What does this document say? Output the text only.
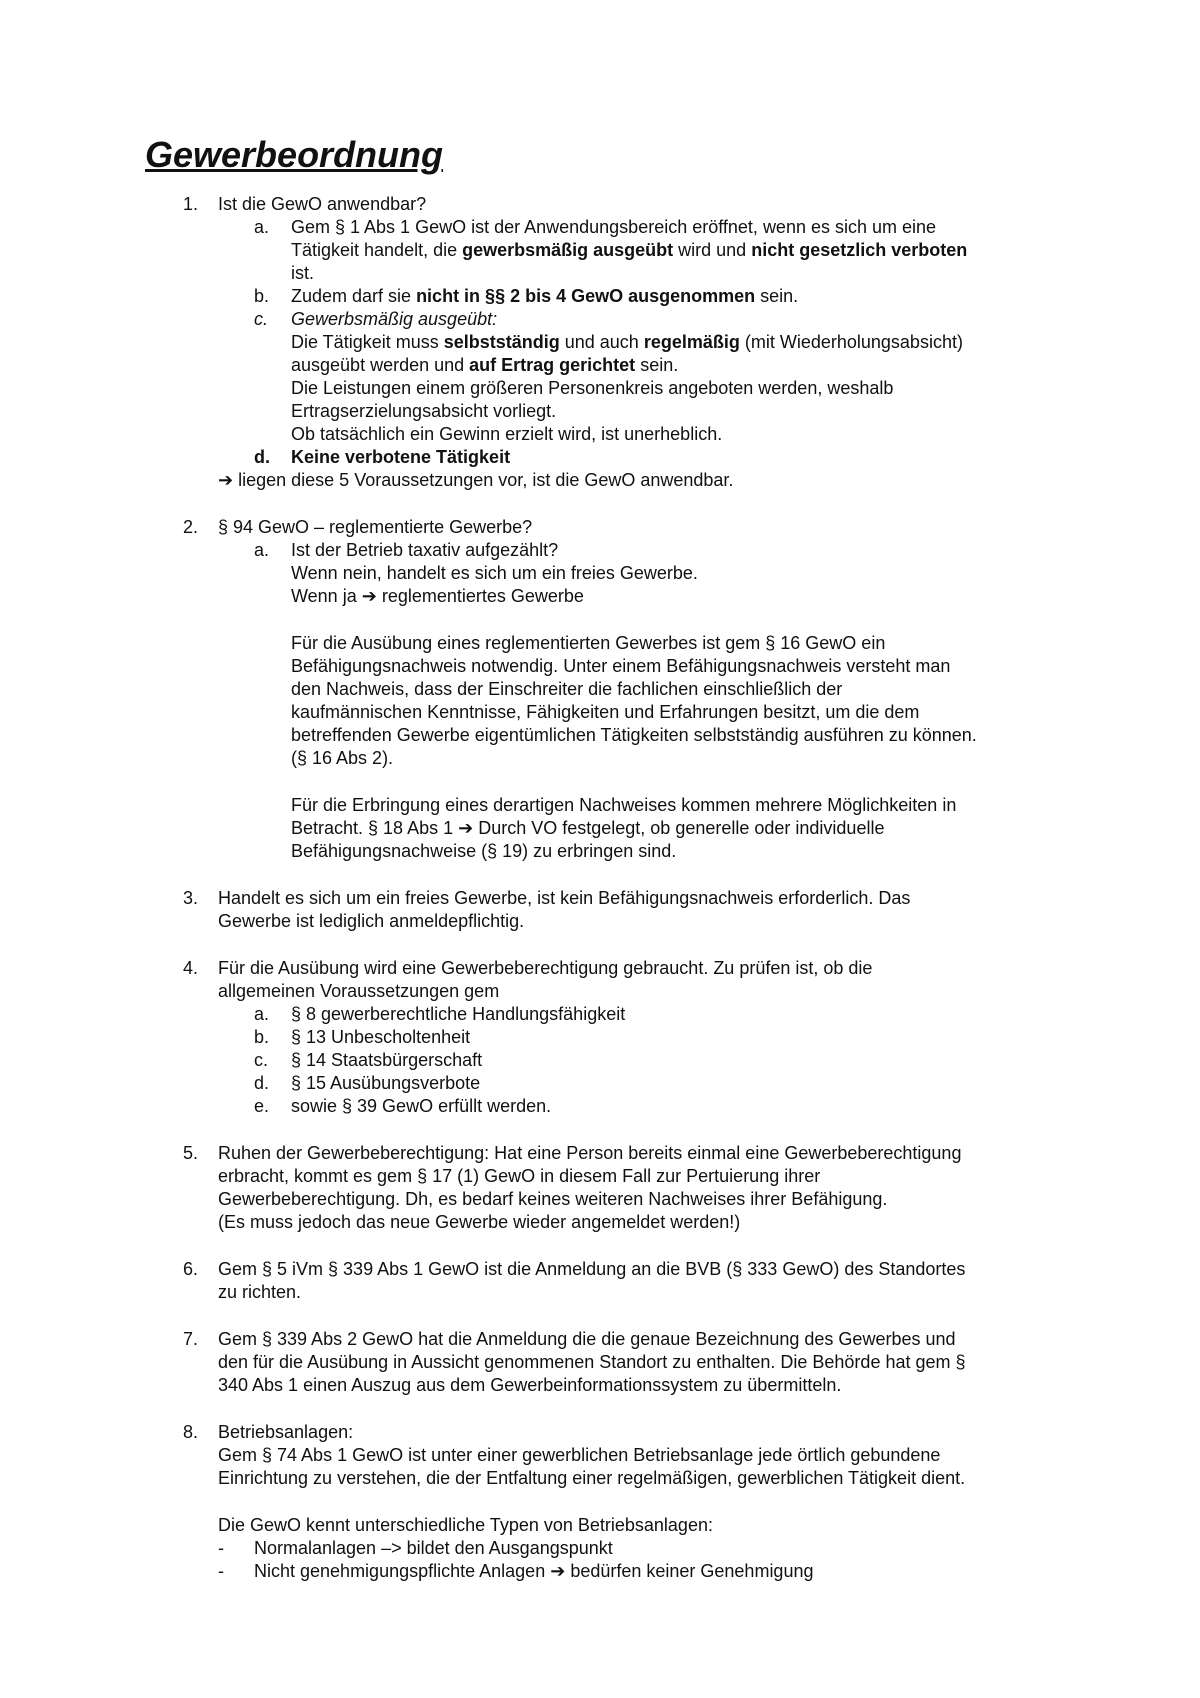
Gewerbeordnung
1. Ist die GewO anwendbar?
a. Gem § 1 Abs 1 GewO ist der Anwendungsbereich eröffnet, wenn es sich um eine
Tätigkeit handelt, die gewerbsmäßig ausgeübt wird und nicht gesetzlich verboten
ist.
b. Zudem darf sie nicht in §§ 2 bis 4 GewO ausgenommen sein.
c. Gewerbsmäßig ausgeübt:
Die Tätigkeit muss selbstständig und auch regelmäßig (mit Wiederholungsabsicht)
ausgeübt werden und auf Ertrag gerichtet sein.
Die Leistungen einem größeren Personenkreis angeboten werden, weshalb
Ertragserzielungsabsicht vorliegt.
Ob tatsächlich ein Gewinn erzielt wird, ist unerheblich.
d. Keine verbotene Tätigkeit
➔ liegen diese 5 Voraussetzungen vor, ist die GewO anwendbar.
2. § 94 GewO – reglementierte Gewerbe?
a. Ist der Betrieb taxativ aufgezählt?
Wenn nein, handelt es sich um ein freies Gewerbe.
Wenn ja ➔ reglementiertes Gewerbe
Für die Ausübung eines reglementierten Gewerbes ist gem § 16 GewO ein
Befähigungsnachweis notwendig. Unter einem Befähigungsnachweis versteht man
den Nachweis, dass der Einschreiter die fachlichen einschließlich der
kaufmännischen Kenntnisse, Fähigkeiten und Erfahrungen besitzt, um die dem
betreffenden Gewerbe eigentümlichen Tätigkeiten selbstständig ausführen zu können.
(§ 16 Abs 2).
Für die Erbringung eines derartigen Nachweises kommen mehrere Möglichkeiten in
Betracht. § 18 Abs 1 ➔ Durch VO festgelegt, ob generelle oder individuelle
Befähigungsnachweise (§ 19) zu erbringen sind.
3. Handelt es sich um ein freies Gewerbe, ist kein Befähigungsnachweis erforderlich. Das
Gewerbe ist lediglich anmeldepflichtig.
4. Für die Ausübung wird eine Gewerbeberechtigung gebraucht. Zu prüfen ist, ob die
allgemeinen Voraussetzungen gem
a. § 8 gewerberechtliche Handlungsfähigkeit
b. § 13 Unbescholtenheit
c. § 14 Staatsbürgerschaft
d. § 15 Ausübungsverbote
e. sowie § 39 GewO erfüllt werden.
5. Ruhen der Gewerbeberechtigung: Hat eine Person bereits einmal eine Gewerbeberechtigung
erbracht, kommt es gem § 17 (1) GewO in diesem Fall zur Pertuierung ihrer
Gewerbeberechtigung. Dh, es bedarf keines weiteren Nachweises ihrer Befähigung.
(Es muss jedoch das neue Gewerbe wieder angemeldet werden!)
6. Gem § 5 iVm § 339 Abs 1 GewO ist die Anmeldung an die BVB (§ 333 GewO) des Standortes
zu richten.
7. Gem § 339 Abs 2 GewO hat die Anmeldung die die genaue Bezeichnung des Gewerbes und
den für die Ausübung in Aussicht genommenen Standort zu enthalten. Die Behörde hat gem §
340 Abs 1 einen Auszug aus dem Gewerbeinformationssystem zu übermitteln.
8. Betriebsanlagen:
Gem § 74 Abs 1 GewO ist unter einer gewerblichen Betriebsanlage jede örtlich gebundene
Einrichtung zu verstehen, die der Entfaltung einer regelmäßigen, gewerblichen Tätigkeit dient.
Die GewO kennt unterschiedliche Typen von Betriebsanlagen:
- Normalanlagen –> bildet den Ausgangspunkt
- Nicht genehmigungspflichte Anlagen ➔ bedürfen keiner Genehmigung
